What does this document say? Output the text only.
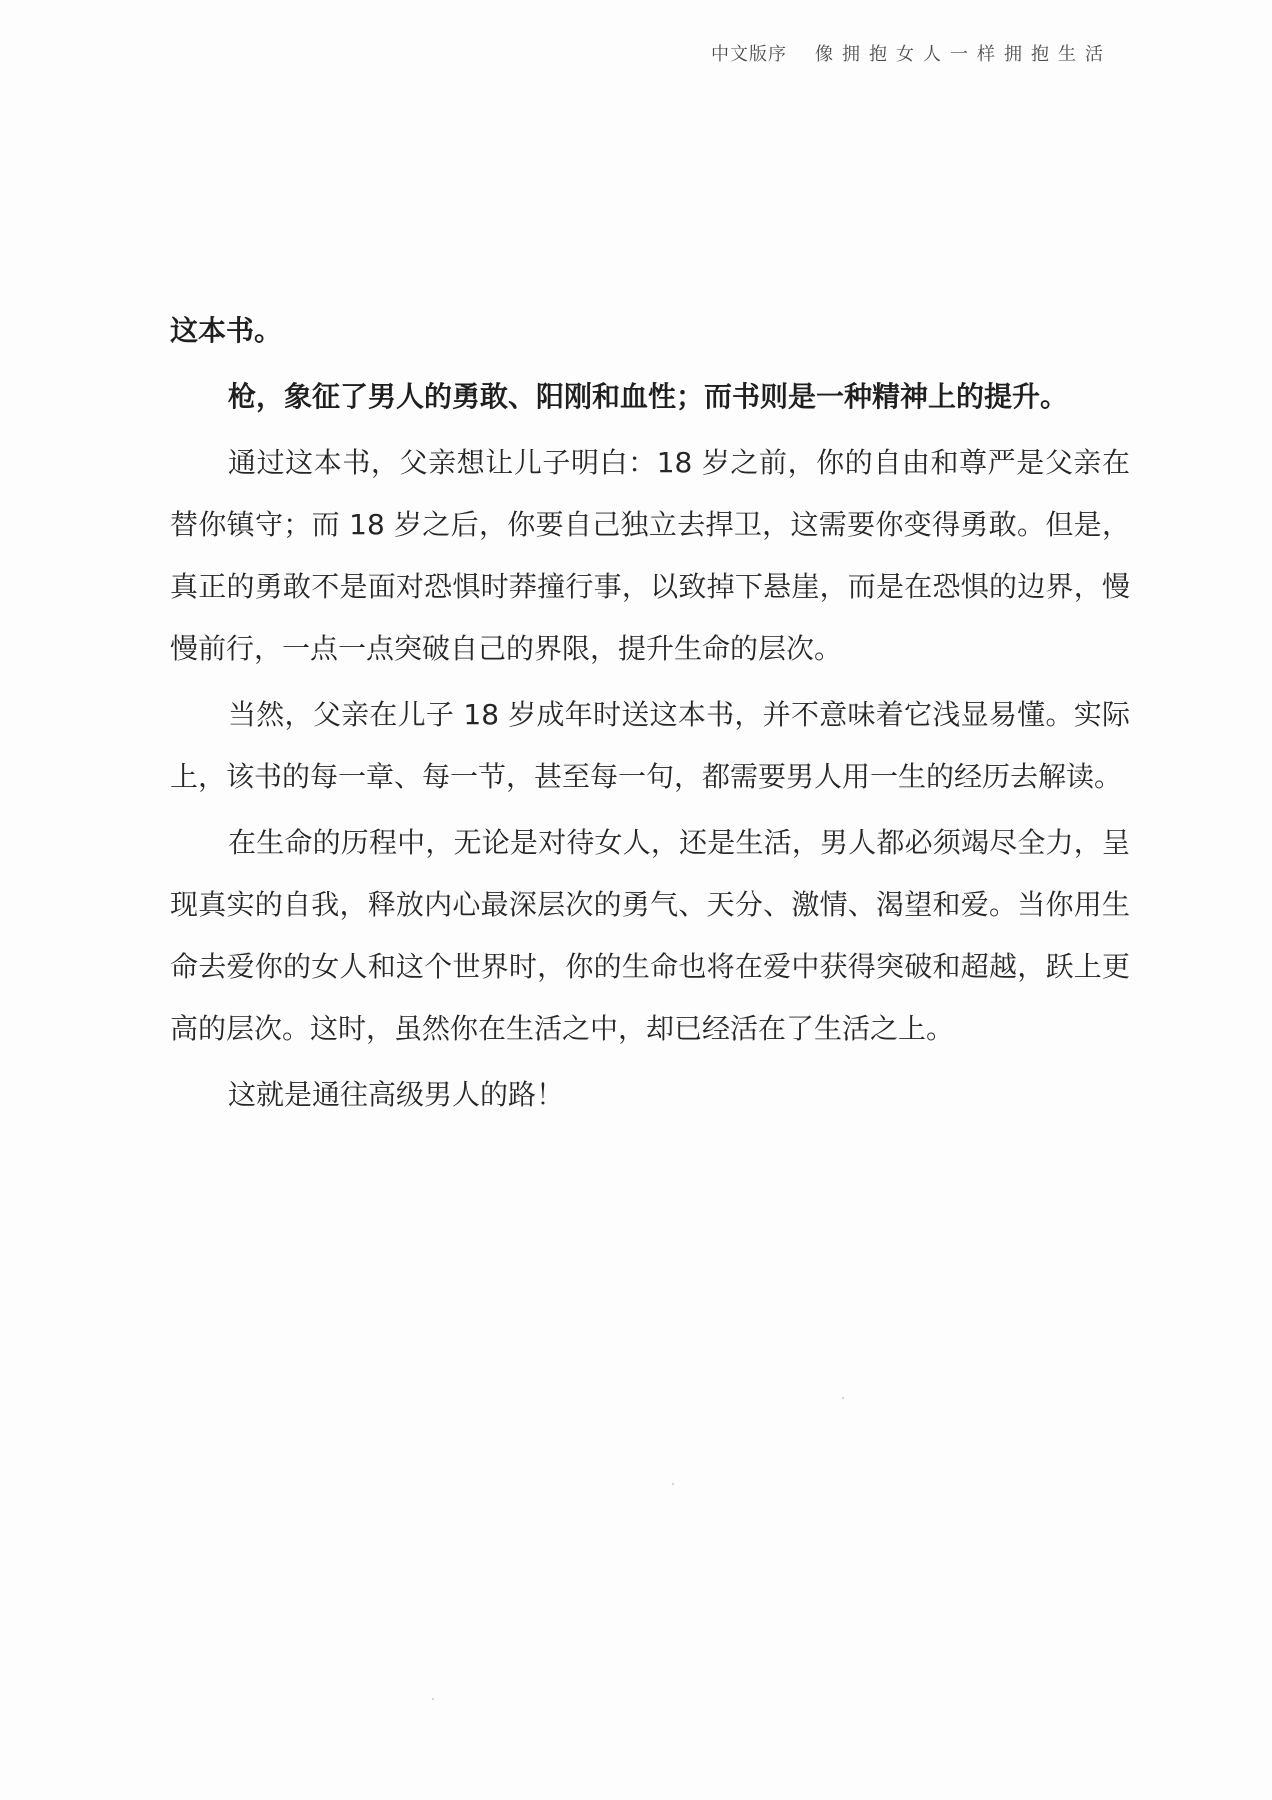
中文版序 像拥抱女人一样拥抱生活

这本书。

枪，象征了男人的勇敢、阳刚和血性；而书则是一种精神上的提升。

通过这本书，父亲想让儿子明白：18 岁之前，你的自由和尊严是父亲在替你镇守；而 18 岁之后，你要自己独立去捍卫，这需要你变得勇敢。但是，真正的勇敢不是面对恐惧时莽撞行事，以致掉下悬崖，而是在恐惧的边界，慢慢前行，一点一点突破自己的界限，提升生命的层次。

当然，父亲在儿子 18 岁成年时送这本书，并不意味着它浅显易懂。实际上，该书的每一章、每一节，甚至每一句，都需要男人用一生的经历去解读。

在生命的历程中，无论是对待女人，还是生活，男人都必须竭尽全力，呈现真实的自我，释放内心最深层次的勇气、天分、激情、渴望和爱。当你用生命去爱你的女人和这个世界时，你的生命也将在爱中获得突破和超越，跃上更高的层次。这时，虽然你在生活之中，却已经活在了生活之上。

这就是通往高级男人的路！
